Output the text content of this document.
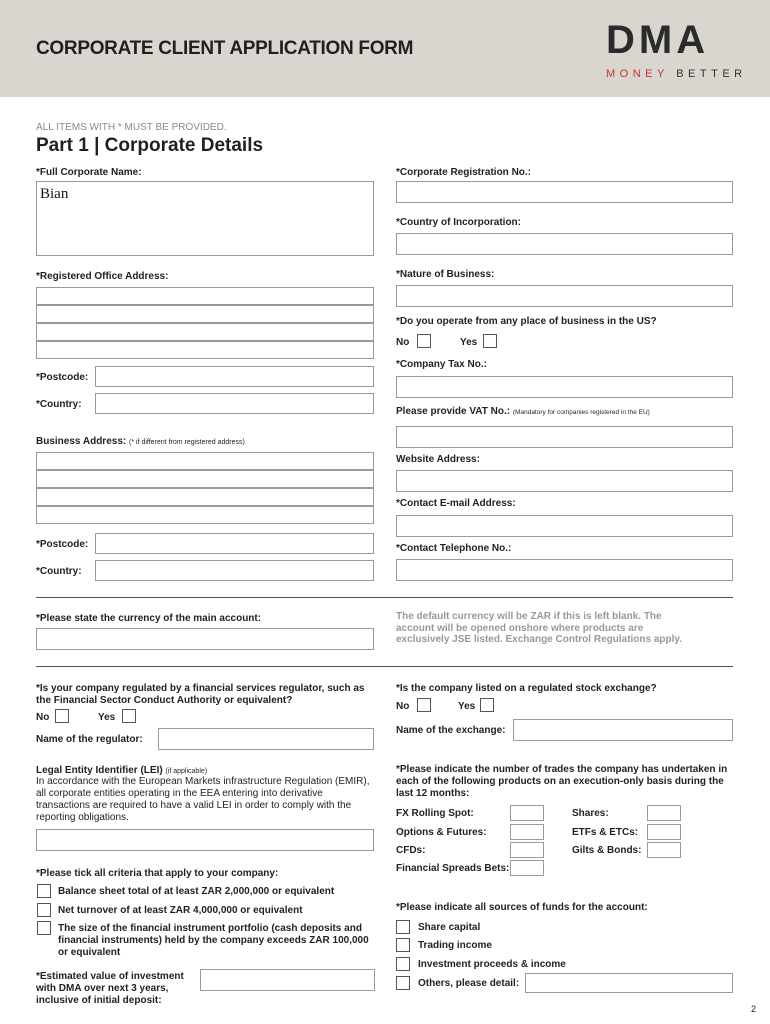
CORPORATE CLIENT APPLICATION FORM	DMA
MONEY BETTER
ALL ITEMS WITH * MUST BE PROVIDED.
Part 1 | Corporate Details
*Full Corporate Name:
Bian
*Registered Office Address:
*Postcode:
*Country:
Business Address: (* if different from registered address)
*Postcode:
*Country:
*Please state the currency of the main account:
*Is your company regulated by a financial services regulator, such as the Financial Sector Conduct Authority or equivalent?
No	Yes
Name of the regulator:
Legal Entity Identifier (LEI) (if applicable)
In accordance with the European Markets infrastructure Regulation (EMIR), all corporate entities operating in the EEA entering into derivative transactions are required to have a valid LEI in order to comply with the reporting obligations.
*Please tick all criteria that apply to your company:
Balance sheet total of at least ZAR 2,000,000 or equivalent
Net turnover of at least ZAR 4,000,000 or equivalent
The size of the financial instrument portfolio (cash deposits and financial instruments) held by the company exceeds ZAR 100,000 or equivalent
*Estimated value of investment with DMA over next 3 years, inclusive of initial deposit:
*Corporate Registration No.:
*Country of Incorporation:
*Nature of Business:
*Do you operate from any place of business in the US?
No	Yes
*Company Tax No.:
Please provide VAT No.: (Mandatory for companies registered in the EU)
Website Address:
*Contact E-mail Address:
*Contact Telephone No.:
The default currency will be ZAR if this is left blank. The account will be opened onshore where products are exclusively JSE listed. Exchange Control Regulations apply.
*Is the company listed on a regulated stock exchange?
No	Yes
Name of the exchange:
*Please indicate the number of trades the company has undertaken in each of the following products on an execution-only basis during the last 12 months:
FX Rolling Spot:	Shares:
Options & Futures:	ETFs & ETCs:
CFDs:	Gilts & Bonds:
Financial Spreads Bets:
*Please indicate all sources of funds for the account:
Share capital
Trading income
Investment proceeds & income
Others, please detail:
2
